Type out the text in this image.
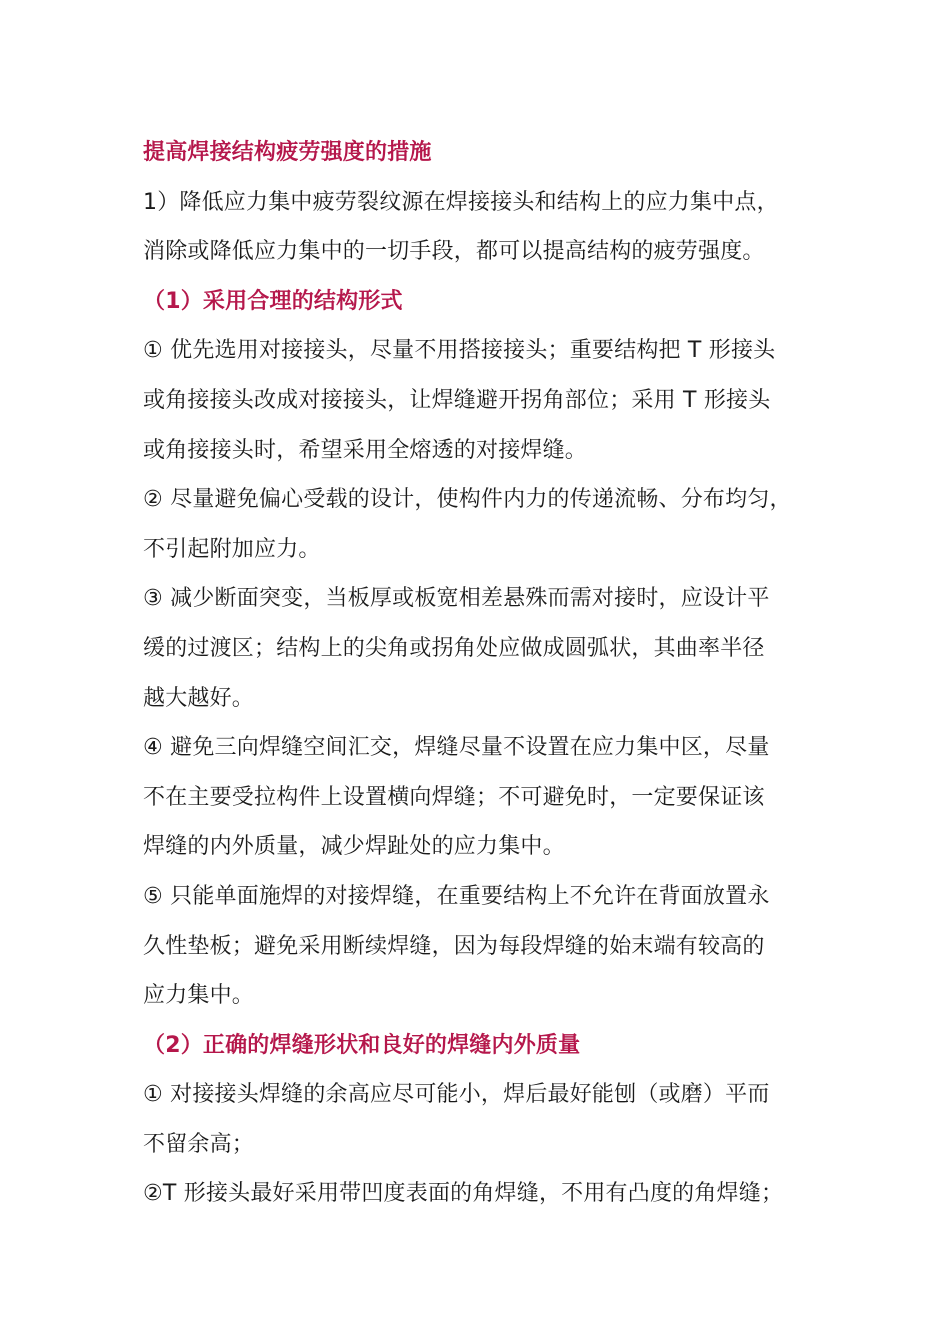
提高焊接结构疲劳强度的措施
1）降低应力集中疲劳裂纹源在焊接接头和结构上的应力集中点，
消除或降低应力集中的一切手段，都可以提高结构的疲劳强度。
（1）采用合理的结构形式
① 优先选用对接接头，尽量不用搭接接头；重要结构把 T 形接头
或角接接头改成对接接头，让焊缝避开拐角部位；采用 T 形接头
或角接接头时，希望采用全熔透的对接焊缝。
② 尽量避免偏心受载的设计，使构件内力的传递流畅、分布均匀，
不引起附加应力。
③ 减少断面突变，当板厚或板宽相差悬殊而需对接时，应设计平
缓的过渡区；结构上的尖角或拐角处应做成圆弧状，其曲率半径
越大越好。
④ 避免三向焊缝空间汇交，焊缝尽量不设置在应力集中区，尽量
不在主要受拉构件上设置横向焊缝；不可避免时，一定要保证该
焊缝的内外质量，减少焊趾处的应力集中。
⑤ 只能单面施焊的对接焊缝，在重要结构上不允许在背面放置永
久性垫板；避免采用断续焊缝，因为每段焊缝的始末端有较高的
应力集中。
（2）正确的焊缝形状和良好的焊缝内外质量
① 对接接头焊缝的余高应尽可能小，焊后最好能刨（或磨）平而
不留余高；
②T 形接头最好采用带凹度表面的角焊缝，不用有凸度的角焊缝；
